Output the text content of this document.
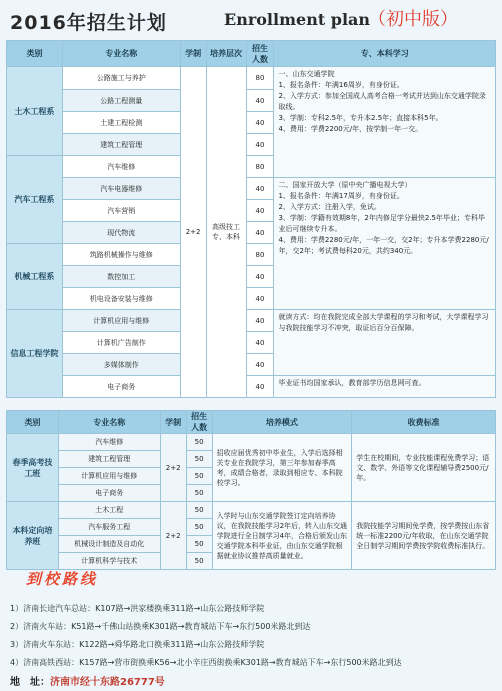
2016年招生计划	Enrollment plan
（初中版）
类别	专业名称	学制	培养层次	招生人数	专、本科学习
土木工程系	公路施工与养护	2+2	高级技工专、本科	80	一、山东交通学院
1、报名条件：年满16周岁，有身份证。
2、入学方式：参加全国成人高考合格一考试并达到山东交通学院录取线。
3、学制：专科2.5年，专升本2.5年；直接本科5年。
4、费用：学费2200元/年，按学制一年一交。

	公路工程测量			40	
	土建工程检测			40	
	建筑工程管理			40	
汽车工程系	汽车维修			80	
	汽车电器维修			40	二、国家开放大学（原中央广播电视大学）
1、报名条件：年满17周岁，有身份证。
2、入学方式：注册入学，免试。
3、学制：学籍有效期8年，2年内修足学分最快2.5年毕业；专科毕业后可继续专升本。
4、费用：学费2280元/年，一年一交，交2年；专升本学费2280元/年，交2年；考试费每科20元，共约340元。

	汽车营销			40	
	现代物流			40	
机械工程系	筑路机械操作与维修			80	
	数控加工			40	
	机电设备安装与维修			40	
信息工程学院	计算机应用与维修			40	就读方式：均在我院完成全部大学课程的学习和考试，大学课程学习与我院技能学习不冲突，取证后百分百保障。

	计算机广告制作			40	
	多媒体制作			40	
	电子商务			40	毕业证书均国家承认，教育部学历信息网可查。
类别	专业名称	学制	招生人数	培养模式	收费标准
春季高考技工班	汽车维修	2+2	50	招收应届优秀初中毕业生，入学后选择相关专业在我院学习，第三年参加春季高考，成绩合格者，录取到相应专、本科院校学习。	学生在校期间，专业技能课程免费学习；语文、数学、外语等文化课程辅导费2500元/年。
	建筑工程管理		50		
	计算机应用与维修		50		
	电子商务		50		
本科定向培养班	土木工程	2+2	50	入学时与山东交通学院签订定向培养协议，在我院技能学习2年后，转入山东交通学院进行全日制学习4年，合格后颁发山东交通学院本科毕业证，由山东交通学院根据就业协议推荐高质量就业。	我院技能学习期间免学费，按学费按山东省统一标准2200元/年收取，在山东交通学院全日制学习期间学费按学院收费标准执行。
	汽车服务工程		50		
	机械设计制造及自动化		50		
	计算机科学与技术		50		
到校路线
1）济南长途汽车总站：K107路→洪家楼换乘311路→山东公路技师学院
2）济南火车站：K51路→千佛山站换乘K301路→教育城站下车→东行500米路北到达
3）济南火车东站：K122路→舜华路北口换乘311路→山东公路技师学院
4）济南高铁西站：K157路→营市街换乘K56→北小辛庄西街换乘K301路→教育城站下车→东行500米路北到达
地　址：济南市经十东路26777号
